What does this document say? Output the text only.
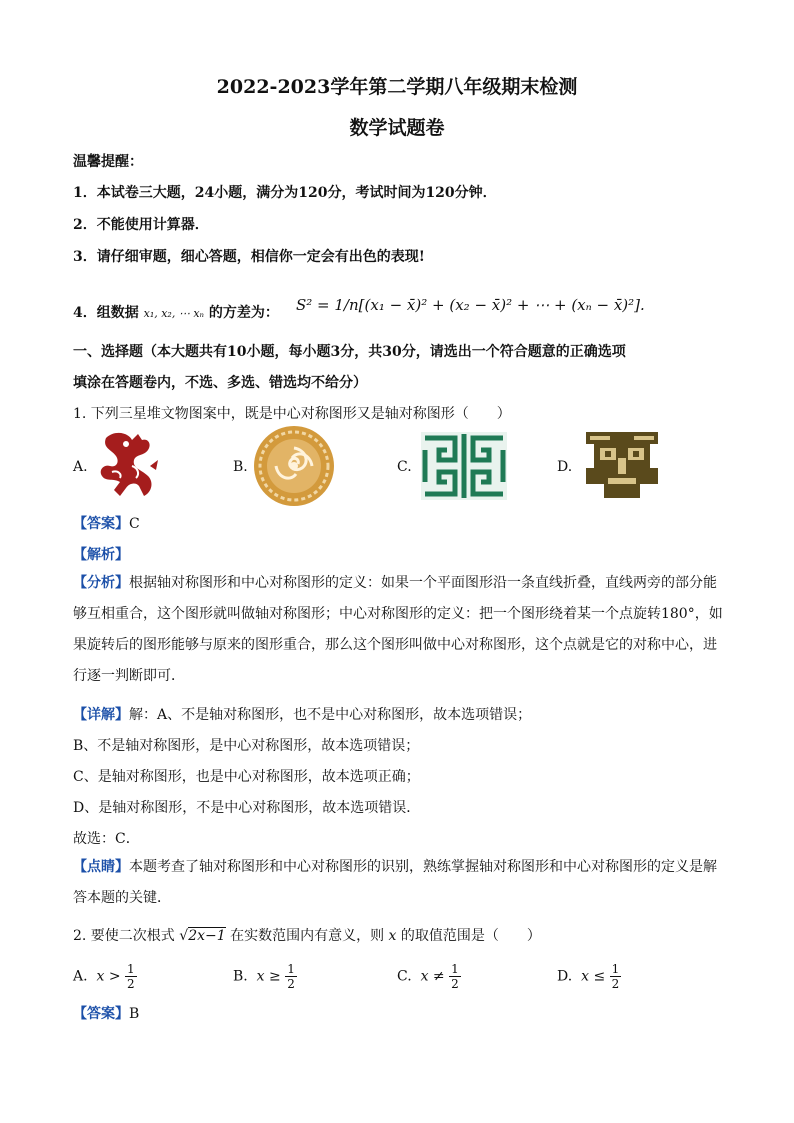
2022-2023学年第二学期八年级期末检测
数学试题卷
温馨提醒：
1．本试卷三大题，24小题，满分为120分，考试时间为120分钟．
2．不能使用计算器．
3．请仔细审题，细心答题，相信你一定会有出色的表现!
4．组数据 x₁, x₂, ⋯ xₙ 的方差为： S² = 1/n[(x₁ − x̄)² + (x₂ − x̄)² + ⋯ + (xₙ − x̄)²].
一、选择题（本大题共有10小题，每小题3分，共30分，请选出一个符合题意的正确选项
填涂在答题卷内，不选、多选、错选均不给分）
1. 下列三星堆文物图案中，既是中心对称图形又是轴对称图形（　　）
A.	B.	C.	D.
【答案】C
【解析】
【分析】根据轴对称图形和中心对称图形的定义：如果一个平面图形沿一条直线折叠，直线两旁的部分能
够互相重合，这个图形就叫做轴对称图形；中心对称图形的定义：把一个图形绕着某一个点旋转180°，如
果旋转后的图形能够与原来的图形重合，那么这个图形叫做中心对称图形，这个点就是它的对称中心，进
行逐一判断即可．
【详解】解：A、不是轴对称图形，也不是中心对称图形，故本选项错误；
B、不是轴对称图形，是中心对称图形，故本选项错误；
C、是轴对称图形，也是中心对称图形，故本选项正确；
D、是轴对称图形，不是中心对称图形，故本选项错误．
故选：C．
【点睛】本题考查了轴对称图形和中心对称图形的识别，熟练掌握轴对称图形和中心对称图形的定义是解
答本题的关键．
2. 要使二次根式 √2x−1 在实数范围内有意义，则 x 的取值范围是（　　）
A. $x > \frac{1}{2}$	B. $x \ge \frac{1}{2}$	C. $x \ne \frac{1}{2}$	D. $x \le \frac{1}{2}$
【答案】B
